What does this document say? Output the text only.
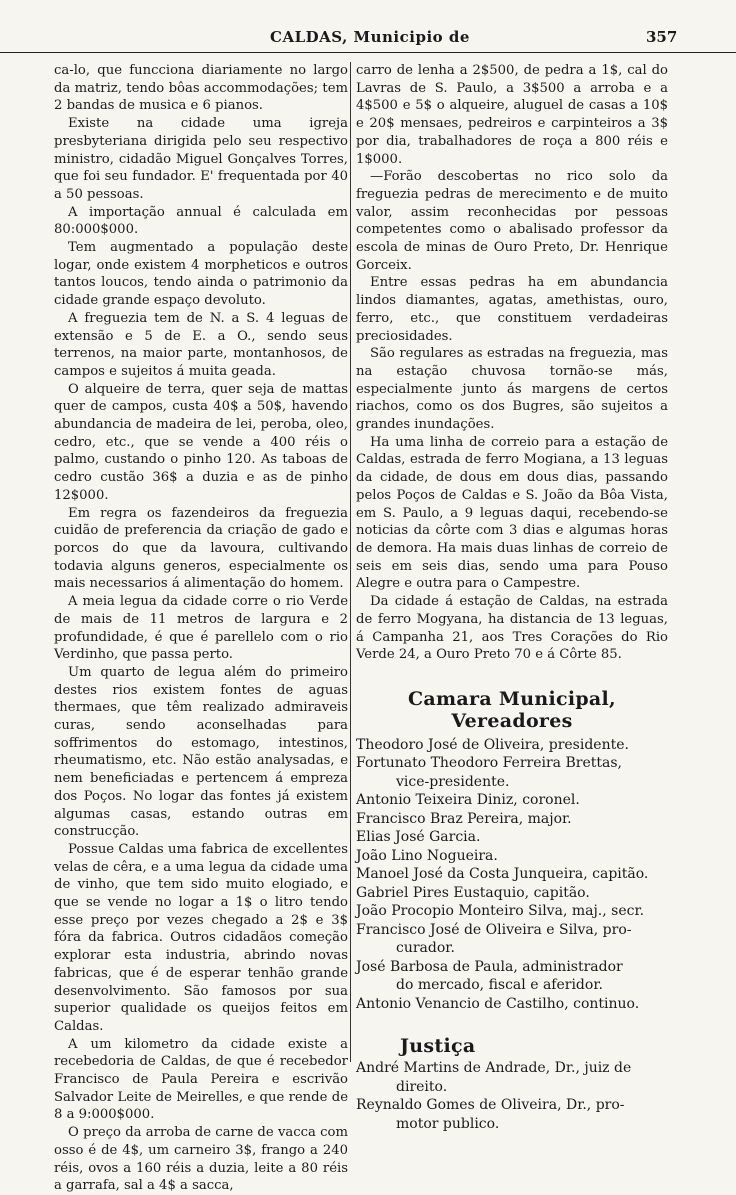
CALDAS, Municipio de	357

ca-lo, que funcciona diariamente no largo da matriz, tendo bôas accommodações; tem 2 bandas de musica e 6 pianos.

Existe na cidade uma igreja presbyteriana dirigida pelo seu respectivo ministro, cidadão Miguel Gonçalves Torres, que foi seu fundador. E' frequentada por 40 a 50 pessoas.

A importação annual é calculada em 80:000$000.

Tem augmentado a população deste logar, onde existem 4 morpheticos e outros tantos loucos, tendo ainda o patrimonio da cidade grande espaço devoluto.

A freguezia tem de N. a S. 4 leguas de extensão e 5 de E. a O., sendo seus terrenos, na maior parte, montanhosos, de campos e sujeitos á muita geada.

O alqueire de terra, quer seja de mattas quer de campos, custa 40$ a 50$, havendo abundancia de madeira de lei, peroba, oleo, cedro, etc., que se vende a 400 réis o palmo, custando o pinho 120. As taboas de cedro custão 36$ a duzia e as de pinho 12$000.

Em regra os fazendeiros da freguezia cuidão de preferencia da criação de gado e porcos do que da lavoura, cultivando todavia alguns generos, especialmente os mais necessarios á alimentação do homem.

A meia legua da cidade corre o rio Verde de mais de 11 metros de largura e 2 profundidade, é que é parellelo com o rio Verdinho, que passa perto.

Um quarto de legua além do primeiro destes rios existem fontes de aguas thermaes, que têm realizado admiraveis curas, sendo aconselhadas para soffrimentos do estomago, intestinos, rheumatismo, etc. Não estão analysadas, e nem beneficiadas e pertencem á empreza dos Poços. No logar das fontes já existem algumas casas, estando outras em construcção.

Possue Caldas uma fabrica de excellentes velas de cêra, e a uma legua da cidade uma de vinho, que tem sido muito elogiado, e que se vende no logar a 1$ o litro tendo esse preço por vezes chegado a 2$ e 3$ fóra da fabrica. Outros cidadãos começão explorar esta industria, abrindo novas fabricas, que é de esperar tenhão grande desenvolvimento. São famosos por sua superior qualidade os queijos feitos em Caldas.

A um kilometro da cidade existe a recebedoria de Caldas, de que é recebedor Francisco de Paula Pereira e escrivão Salvador Leite de Meirelles, e que rende de 8 a 9:000$000.

O preço da arroba de carne de vacca com osso é de 4$, um carneiro 3$, frango a 240 réis, ovos a 160 réis a duzia, leite a 80 réis a garrafa, sal a 4$ a sacca,

carro de lenha a 2$500, de pedra a 1$, cal do Lavras de S. Paulo, a 3$500 a arroba e a 4$500 e 5$ o alqueire, aluguel de casas a 10$ e 20$ mensaes, pedreiros e carpinteiros a 3$ por dia, trabalhadores de roça a 800 réis e 1$000.

—Forão descobertas no rico solo da freguezia pedras de merecimento e de muito valor, assim reconhecidas por pessoas competentes como o abalisado professor da escola de minas de Ouro Preto, Dr. Henrique Gorceix.

Entre essas pedras ha em abundancia lindos diamantes, agatas, amethistas, ouro, ferro, etc., que constituem verdadeiras preciosidades.

São regulares as estradas na freguezia, mas na estação chuvosa tornão-se más, especialmente junto ás margens de certos riachos, como os dos Bugres, são sujeitos a grandes inundações.

Ha uma linha de correio para a estação de Caldas, estrada de ferro Mogiana, a 13 leguas da cidade, de dous em dous dias, passando pelos Poços de Caldas e S. João da Bôa Vista, em S. Paulo, a 9 leguas daqui, recebendo-se noticias da côrte com 3 dias e algumas horas de demora. Ha mais duas linhas de correio de seis em seis dias, sendo uma para Pouso Alegre e outra para o Campestre.

Da cidade á estação de Caldas, na estrada de ferro Mogyana, ha distancia de 13 leguas, á Campanha 21, aos Tres Corações do Rio Verde 24, a Ouro Preto 70 e á Côrte 85.

Camara Municipal, Vereadores
Theodoro José de Oliveira, presidente.
Fortunato Theodoro Ferreira Brettas,
vice-presidente.
Antonio Teixeira Diniz, coronel.
Francisco Braz Pereira, major.
Elias José Garcia.
João Lino Nogueira.
Manoel José da Costa Junqueira, capitão.
Gabriel Pires Eustaquio, capitão.
João Procopio Monteiro Silva, maj., secr.
Francisco José de Oliveira e Silva, pro-
curador.
José Barbosa de Paula, administrador
do mercado, fiscal e aferidor.
Antonio Venancio de Castilho, continuo.
Justiça
André Martins de Andrade, Dr., juiz de
direito.
Reynaldo Gomes de Oliveira, Dr., pro-
motor publico.
